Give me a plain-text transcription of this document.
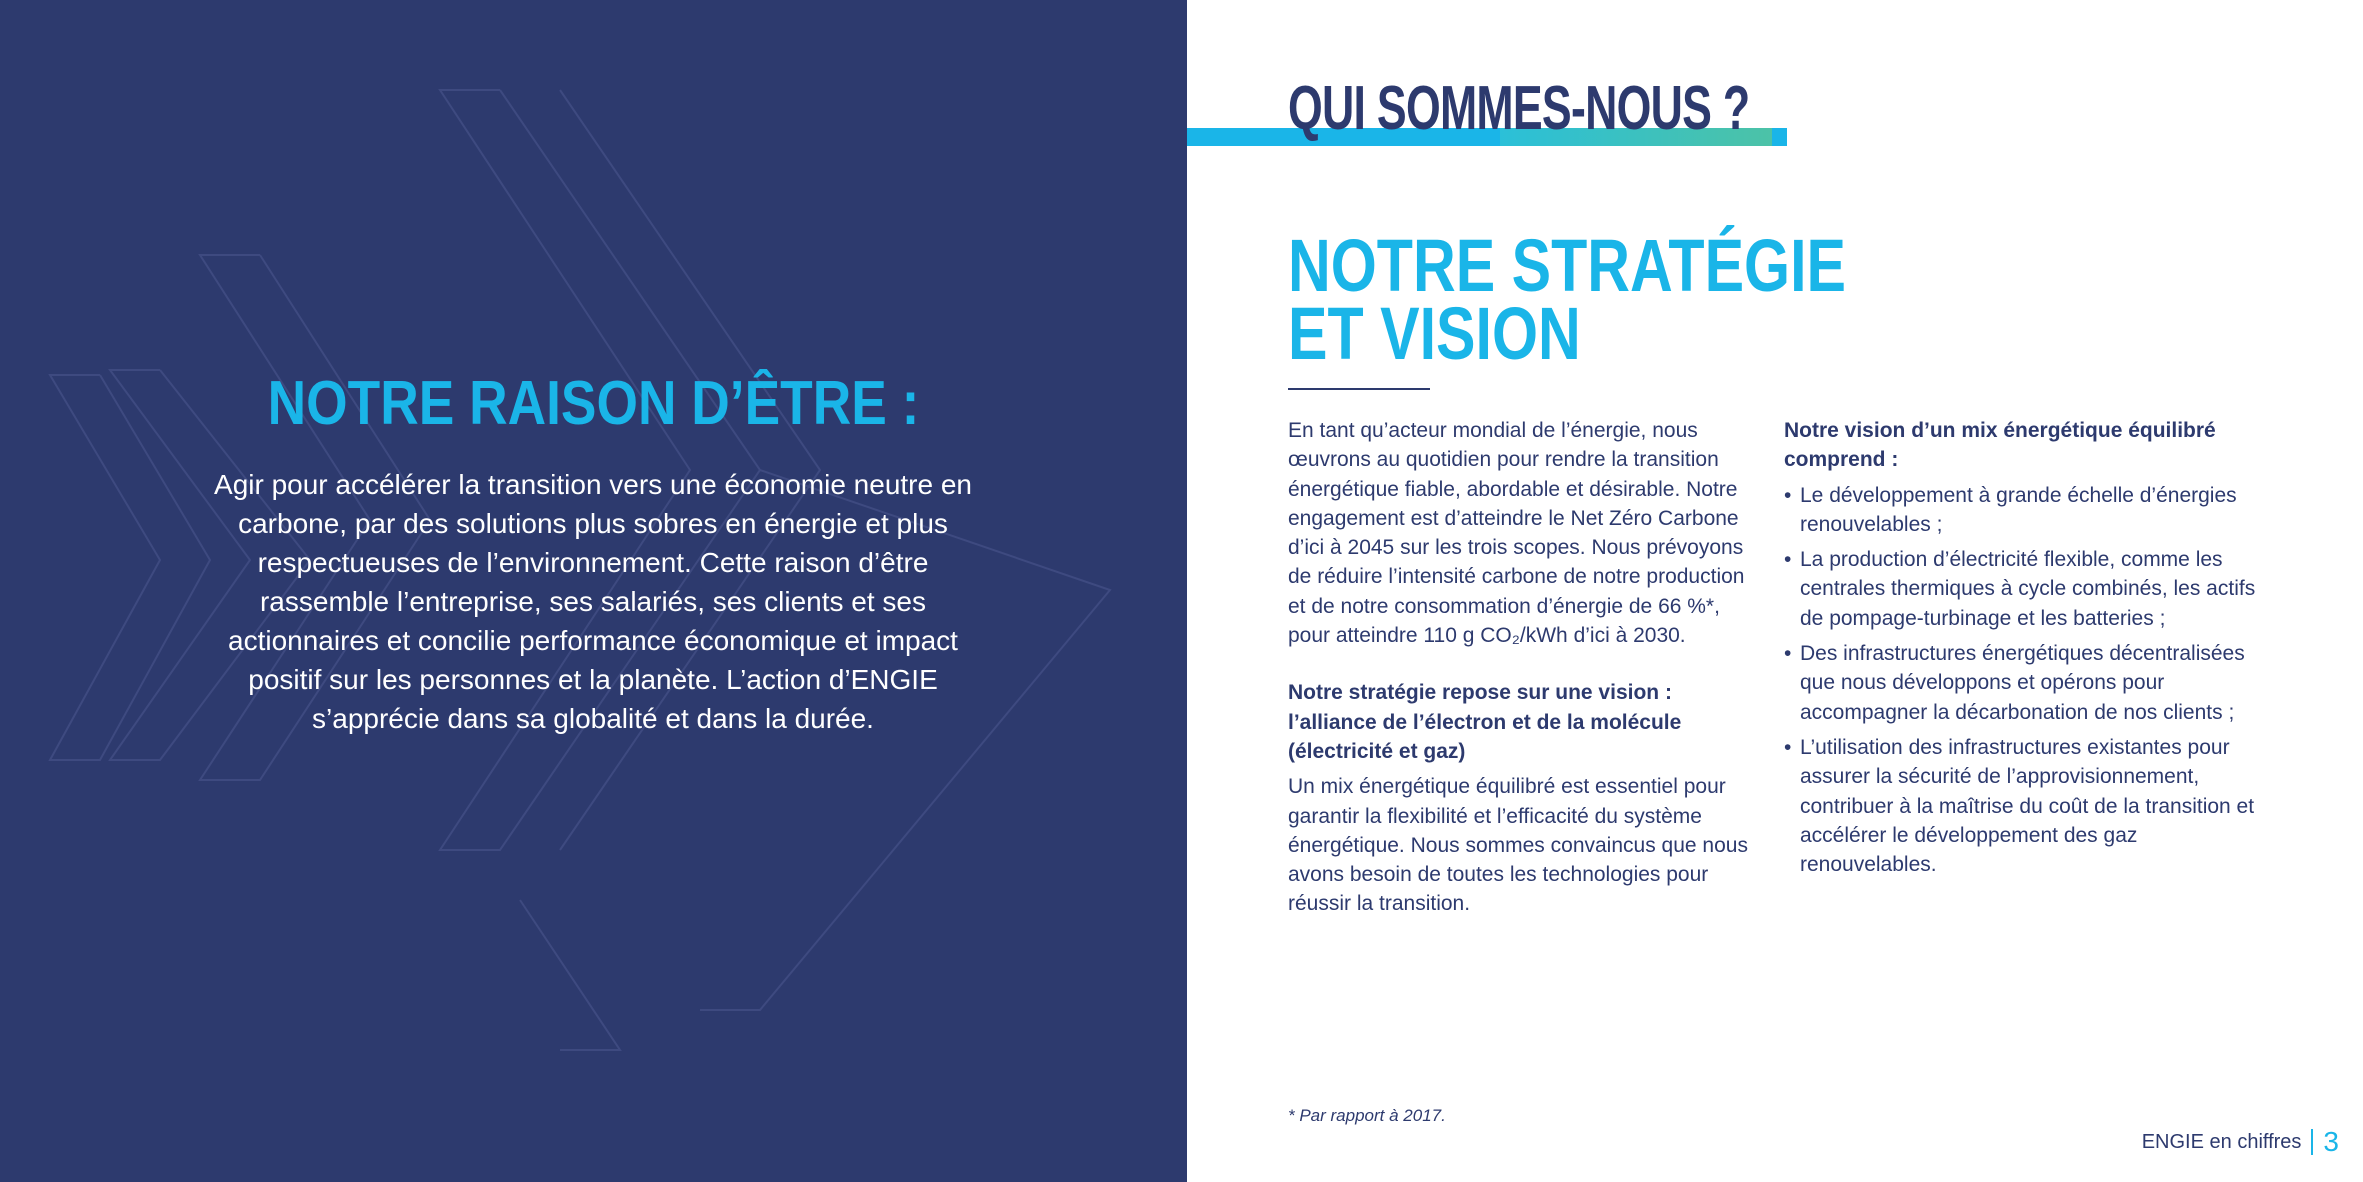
NOTRE RAISON D’ÊTRE :

Agir pour accélérer la transition vers une économie neutre en carbone, par des solutions plus sobres en énergie et plus respectueuses de l’environnement. Cette raison d’être rassemble l’entreprise, ses salariés, ses clients et ses actionnaires et concilie performance économique et impact positif sur les personnes et la planète. L’action d’ENGIE s’apprécie dans sa globalité et dans la durée.

QUI SOMMES-NOUS ?
NOTRE STRATÉGIE
ET VISION

En tant qu’acteur mondial de l’énergie, nous œuvrons au quotidien pour rendre la transition énergétique fiable, abordable et désirable. Notre engagement est d’atteindre le Net Zéro Carbone d’ici à 2045 sur les trois scopes. Nous prévoyons de réduire l’intensité carbone de notre production et de notre consommation d’énergie de 66 %*, pour atteindre 110 g CO₂/kWh d’ici à 2030.

Notre stratégie repose sur une vision : l’alliance de l’électron et de la molécule (électricité et gaz)

Un mix énergétique équilibré est essentiel pour garantir la flexibilité et l’efficacité du système énergétique. Nous sommes convaincus que nous avons besoin de toutes les technologies pour réussir la transition.

Notre vision d’un mix énergétique équilibré comprend :

• Le développement à grande échelle d’énergies renouvelables ;
• La production d’électricité flexible, comme les centrales thermiques à cycle combinés, les actifs de pompage-turbinage et les batteries ;
• Des infrastructures énergétiques décentralisées que nous développons et opérons pour accompagner la décarbonation de nos clients ;
• L’utilisation des infrastructures existantes pour assurer la sécurité de l’approvisionnement, contribuer à la maîtrise du coût de la transition et accélérer le développement des gaz renouvelables.

* Par rapport à 2017.

ENGIE en chiffres 3
